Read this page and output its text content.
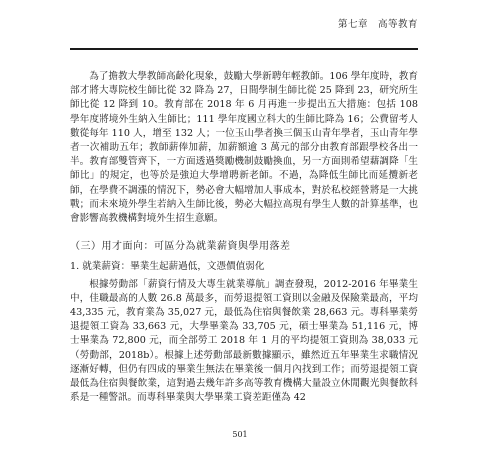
第七章　高等教育

為了擔教大學教師高齡化現象，鼓勵大學新聘年輕教師。106 學年度時，教育部才將大專院校生師比從 32 降為 27，日間學制生師比從 25 降到 23，研究所生師比從 12 降到 10。教育部在 2018 年 6 月再進一步提出五大措施：包括 108 學年度將境外生納入生師比；111 學年度國立科大的生師比降為 16；公費留考人數從每年 110 人，增至 132 人；一位玉山學者換三個玉山青年學者，玉山青年學者一次補助五年；教師薪俸加薪，加薪額逾 3 萬元的部分由教育部跟學校各出一半。教育部雙管齊下，一方面透過獎勵機制鼓勵換血，另一方面則希望藉調降「生師比」的規定，也等於是強迫大學增聘新老師。不過，為降低生師比而延攬新老師，在學費不調漲的情況下，勢必會大幅增加人事成本，對於私校經營將是一大挑戰；而未來境外學生若納入生師比後，勢必大幅拉高現有學生人數的計算基準，也會影響高教機構對境外生招生意願。

（三）用才面向：可區分為就業薪資與學用落差
1. 就業薪資：畢業生起薪過低，文憑價值弱化

根據勞動部「薪資行情及大專生就業導航」調查發現，2012-2016 年畢業生中，佳職最高的人數 26.8 萬最多，而勞退提領工資則以金融及保險業最高，平均 43,335 元，教育業為 35,027 元，最低為住宿與餐飲業 28,663 元。專科畢業勞退提領工資為 33,663 元，大學畢業為 33,705 元，碩士畢業為 51,116 元，博士畢業為 72,800 元，而全部勞工 2018 年 1 月的平均提領工資則為 38,033 元（勞動部，2018b）。根據上述勞動部最新數據顯示，雖然近五年畢業生求職情況逐漸好轉，但仍有四成的畢業生無法在畢業後一個月內找到工作；而勞退提領工資最低為住宿與餐飲業，這對過去幾年許多高等教育機構大量設立休閒觀光與餐飲科系是一種警訊。而專科畢業與大學畢業工資差距僅為 42

501
